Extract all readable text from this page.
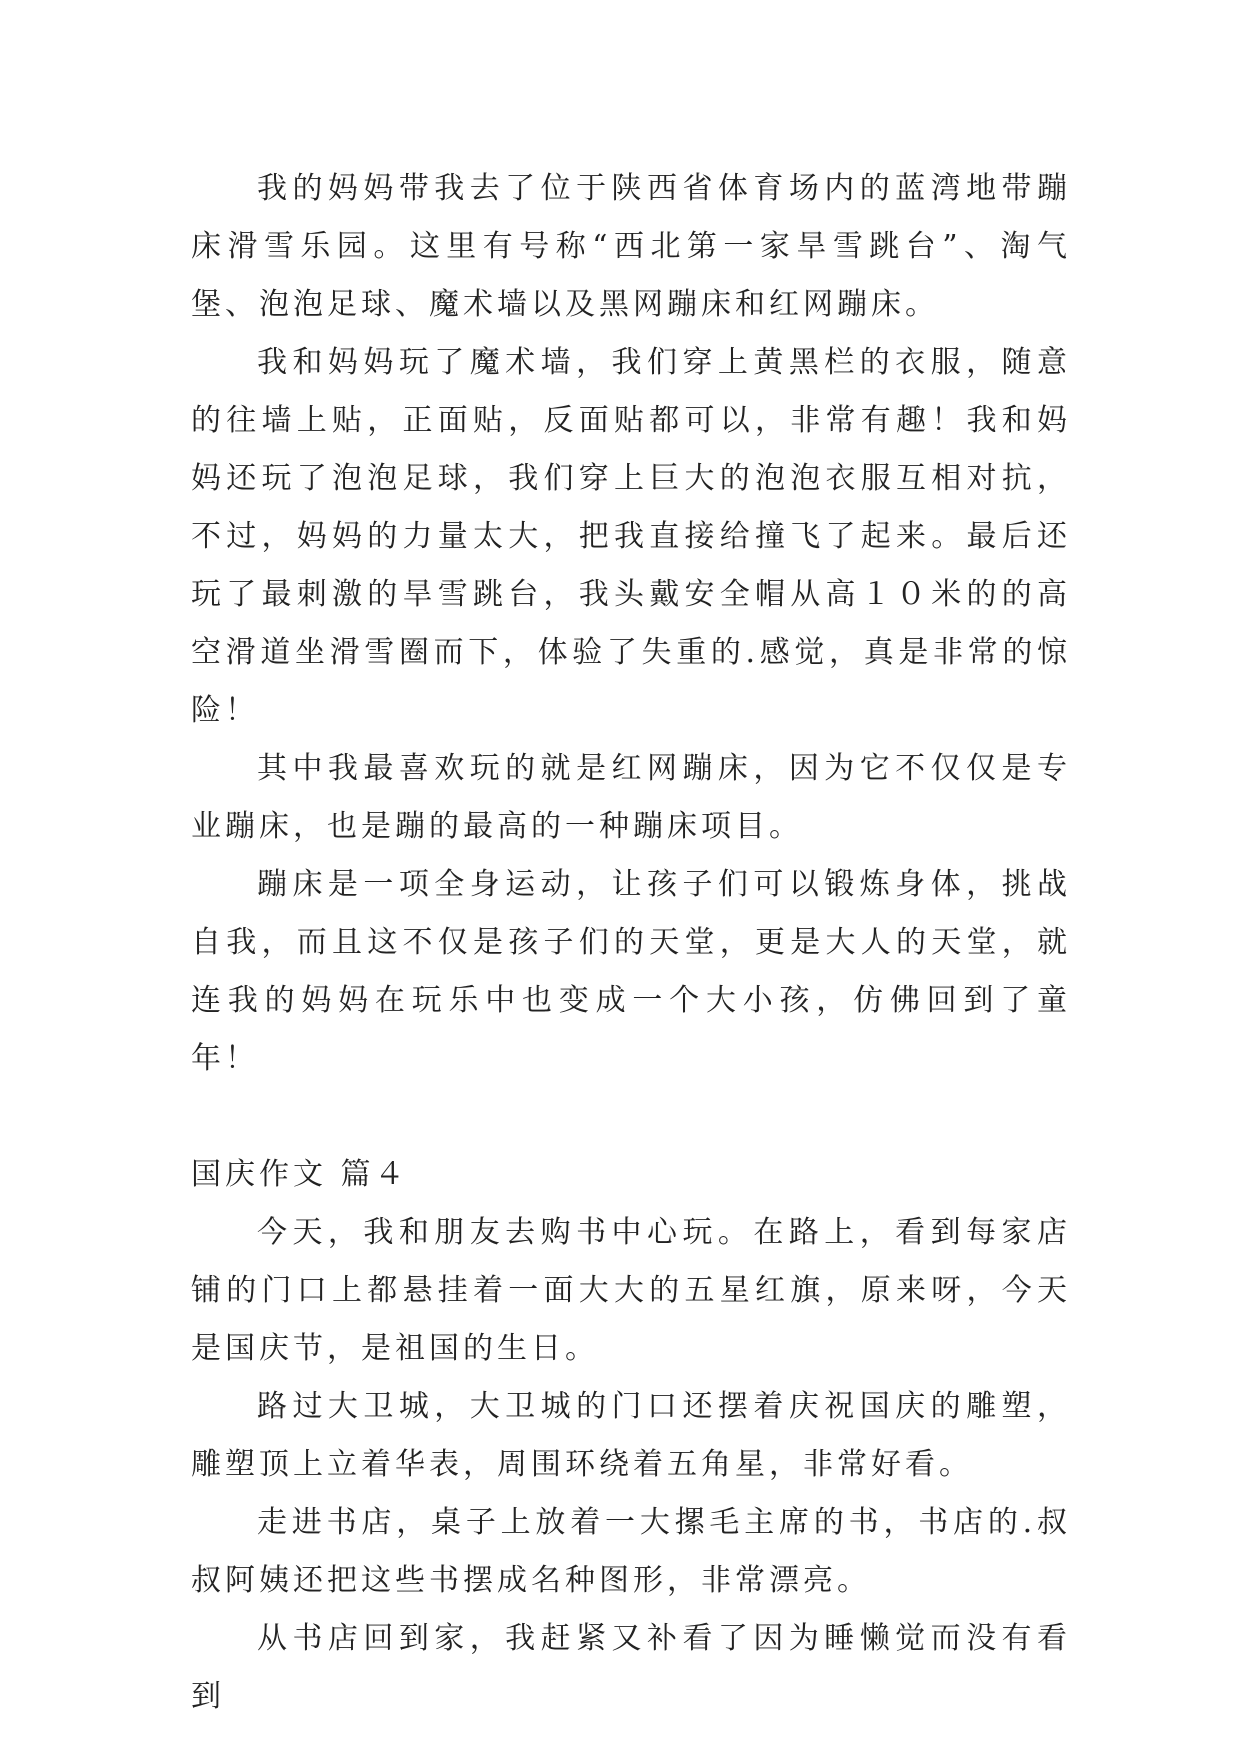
我的妈妈带我去了位于陕西省体育场内的蓝湾地带蹦床滑雪乐园。这里有号称“西北第一家旱雪跳台”、淘气堡、泡泡足球、魔术墙以及黑网蹦床和红网蹦床。

我和妈妈玩了魔术墙，我们穿上黄黑栏的衣服，随意的往墙上贴，正面贴，反面贴都可以，非常有趣！我和妈妈还玩了泡泡足球，我们穿上巨大的泡泡衣服互相对抗，不过，妈妈的力量太大，把我直接给撞飞了起来。最后还玩了最刺激的旱雪跳台，我头戴安全帽从高１０米的的高空滑道坐滑雪圈而下，体验了失重的.感觉，真是非常的惊险！

其中我最喜欢玩的就是红网蹦床，因为它不仅仅是专业蹦床，也是蹦的最高的一种蹦床项目。

蹦床是一项全身运动，让孩子们可以锻炼身体，挑战自我，而且这不仅是孩子们的天堂，更是大人的天堂，就连我的妈妈在玩乐中也变成一个大小孩，仿佛回到了童年！

国庆作文 篇４

今天，我和朋友去购书中心玩。在路上，看到每家店铺的门口上都悬挂着一面大大的五星红旗，原来呀，今天是国庆节，是祖国的生日。

路过大卫城，大卫城的门口还摆着庆祝国庆的雕塑，雕塑顶上立着华表，周围环绕着五角星，非常好看。

走进书店，桌子上放着一大摞毛主席的书，书店的.叔叔阿姨还把这些书摆成名种图形，非常漂亮。

从书店回到家，我赶紧又补看了因为睡懒觉而没有看到
